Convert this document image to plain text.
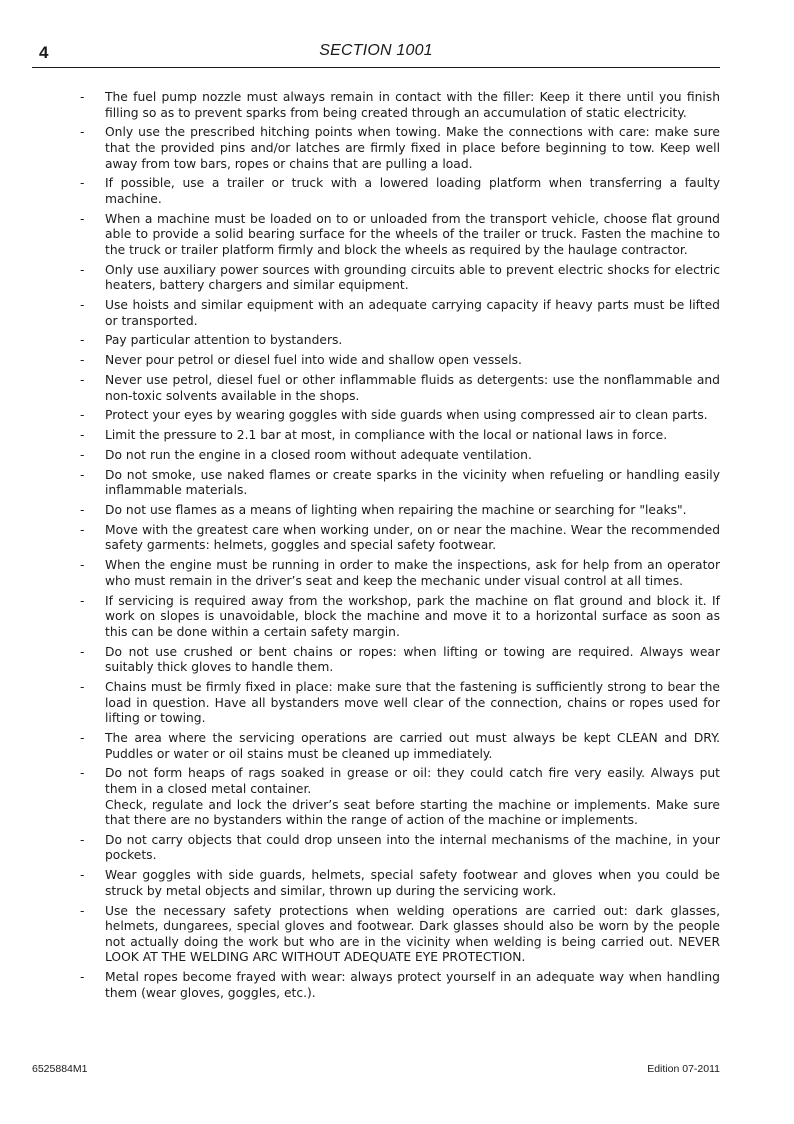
4	SECTION 1001
- The fuel pump nozzle must always remain in contact with the filler: Keep it there until you finish filling so as to prevent sparks from being created through an accumulation of static electricity.
- Only use the prescribed hitching points when towing. Make the connections with care: make sure that the provided pins and/or latches are firmly fixed in place before beginning to tow. Keep well away from tow bars, ropes or chains that are pulling a load.
- If possible, use a trailer or truck with a lowered loading platform when transferring a faulty machine.
- When a machine must be loaded on to or unloaded from the transport vehicle, choose flat ground able to provide a solid bearing surface for the wheels of the trailer or truck. Fasten the machine to the truck or trailer platform firmly and block the wheels as required by the haulage contractor.
- Only use auxiliary power sources with grounding circuits able to prevent electric shocks for electric heaters, battery chargers and similar equipment.
- Use hoists and similar equipment with an adequate carrying capacity if heavy parts must be lifted or transported.
- Pay particular attention to bystanders.
- Never pour petrol or diesel fuel into wide and shallow open vessels.
- Never use petrol, diesel fuel or other inflammable fluids as detergents: use the nonflammable and non-toxic solvents available in the shops.
- Protect your eyes by wearing goggles with side guards when using compressed air to clean parts.
- Limit the pressure to 2.1 bar at most, in compliance with the local or national laws in force.
- Do not run the engine in a closed room without adequate ventilation.
- Do not smoke, use naked flames or create sparks in the vicinity when refueling or handling easily inflammable materials.
- Do not use flames as a means of lighting when repairing the machine or searching for "leaks".
- Move with the greatest care when working under, on or near the machine. Wear the recommended safety garments: helmets, goggles and special safety footwear.
- When the engine must be running in order to make the inspections, ask for help from an operator who must remain in the driver’s seat and keep the mechanic under visual control at all times.
- If servicing is required away from the workshop, park the machine on flat ground and block it. If work on slopes is unavoidable, block the machine and move it to a horizontal surface as soon as this can be done within a certain safety margin.
- Do not use crushed or bent chains or ropes: when lifting or towing are required. Always wear suitably thick gloves to handle them.
- Chains must be firmly fixed in place: make sure that the fastening is sufficiently strong to bear the load in question. Have all bystanders move well clear of the connection, chains or ropes used for lifting or towing.
- The area where the servicing operations are carried out must always be kept CLEAN and DRY. Puddles or water or oil stains must be cleaned up immediately.
- Do not form heaps of rags soaked in grease or oil: they could catch fire very easily. Always put them in a closed metal container.
Check, regulate and lock the driver’s seat before starting the machine or implements. Make sure that there are no bystanders within the range of action of the machine or implements.
- Do not carry objects that could drop unseen into the internal mechanisms of the machine, in your pockets.
- Wear goggles with side guards, helmets, special safety footwear and gloves when you could be struck by metal objects and similar, thrown up during the servicing work.
- Use the necessary safety protections when welding operations are carried out: dark glasses, helmets, dungarees, special gloves and footwear. Dark glasses should also be worn by the people not actually doing the work but who are in the vicinity when welding is being carried out. NEVER LOOK AT THE WELDING ARC WITHOUT ADEQUATE EYE PROTECTION.
- Metal ropes become frayed with wear: always protect yourself in an adequate way when handling them (wear gloves, goggles, etc.).
6525884M1	Edition 07-2011
